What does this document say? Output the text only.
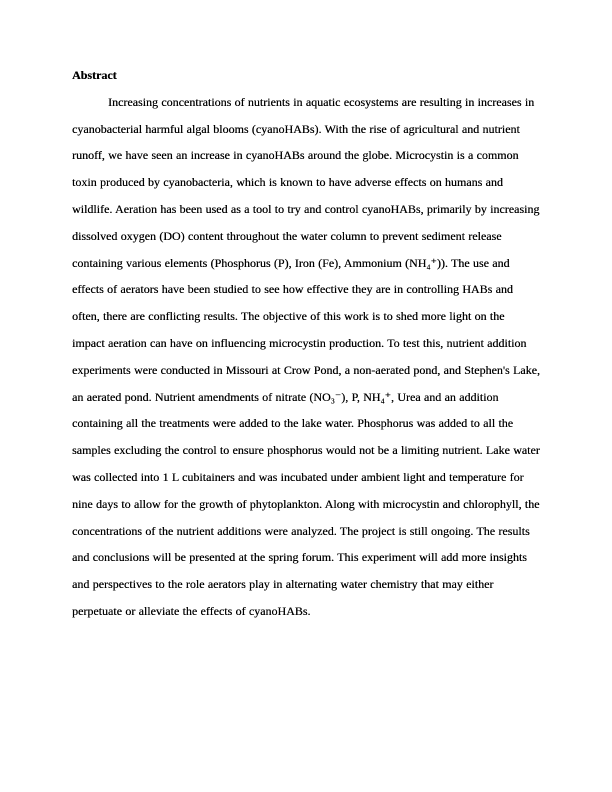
Abstract

Increasing concentrations of nutrients in aquatic ecosystems are resulting in increases in cyanobacterial harmful algal blooms (cyanoHABs). With the rise of agricultural and nutrient runoff, we have seen an increase in cyanoHABs around the globe. Microcystin is a common toxin produced by cyanobacteria, which is known to have adverse effects on humans and wildlife. Aeration has been used as a tool to try and control cyanoHABs, primarily by increasing dissolved oxygen (DO) content throughout the water column to prevent sediment release containing various elements (Phosphorus (P), Iron (Fe), Ammonium (NH₄⁺)). The use and effects of aerators have been studied to see how effective they are in controlling HABs and often, there are conflicting results. The objective of this work is to shed more light on the impact aeration can have on influencing microcystin production. To test this, nutrient addition experiments were conducted in Missouri at Crow Pond, a non-aerated pond, and Stephen's Lake, an aerated pond. Nutrient amendments of nitrate (NO₃⁻), P, NH₄⁺, Urea and an addition containing all the treatments were added to the lake water. Phosphorus was added to all the samples excluding the control to ensure phosphorus would not be a limiting nutrient. Lake water was collected into 1 L cubitainers and was incubated under ambient light and temperature for nine days to allow for the growth of phytoplankton. Along with microcystin and chlorophyll, the concentrations of the nutrient additions were analyzed. The project is still ongoing. The results and conclusions will be presented at the spring forum. This experiment will add more insights and perspectives to the role aerators play in alternating water chemistry that may either perpetuate or alleviate the effects of cyanoHABs.
